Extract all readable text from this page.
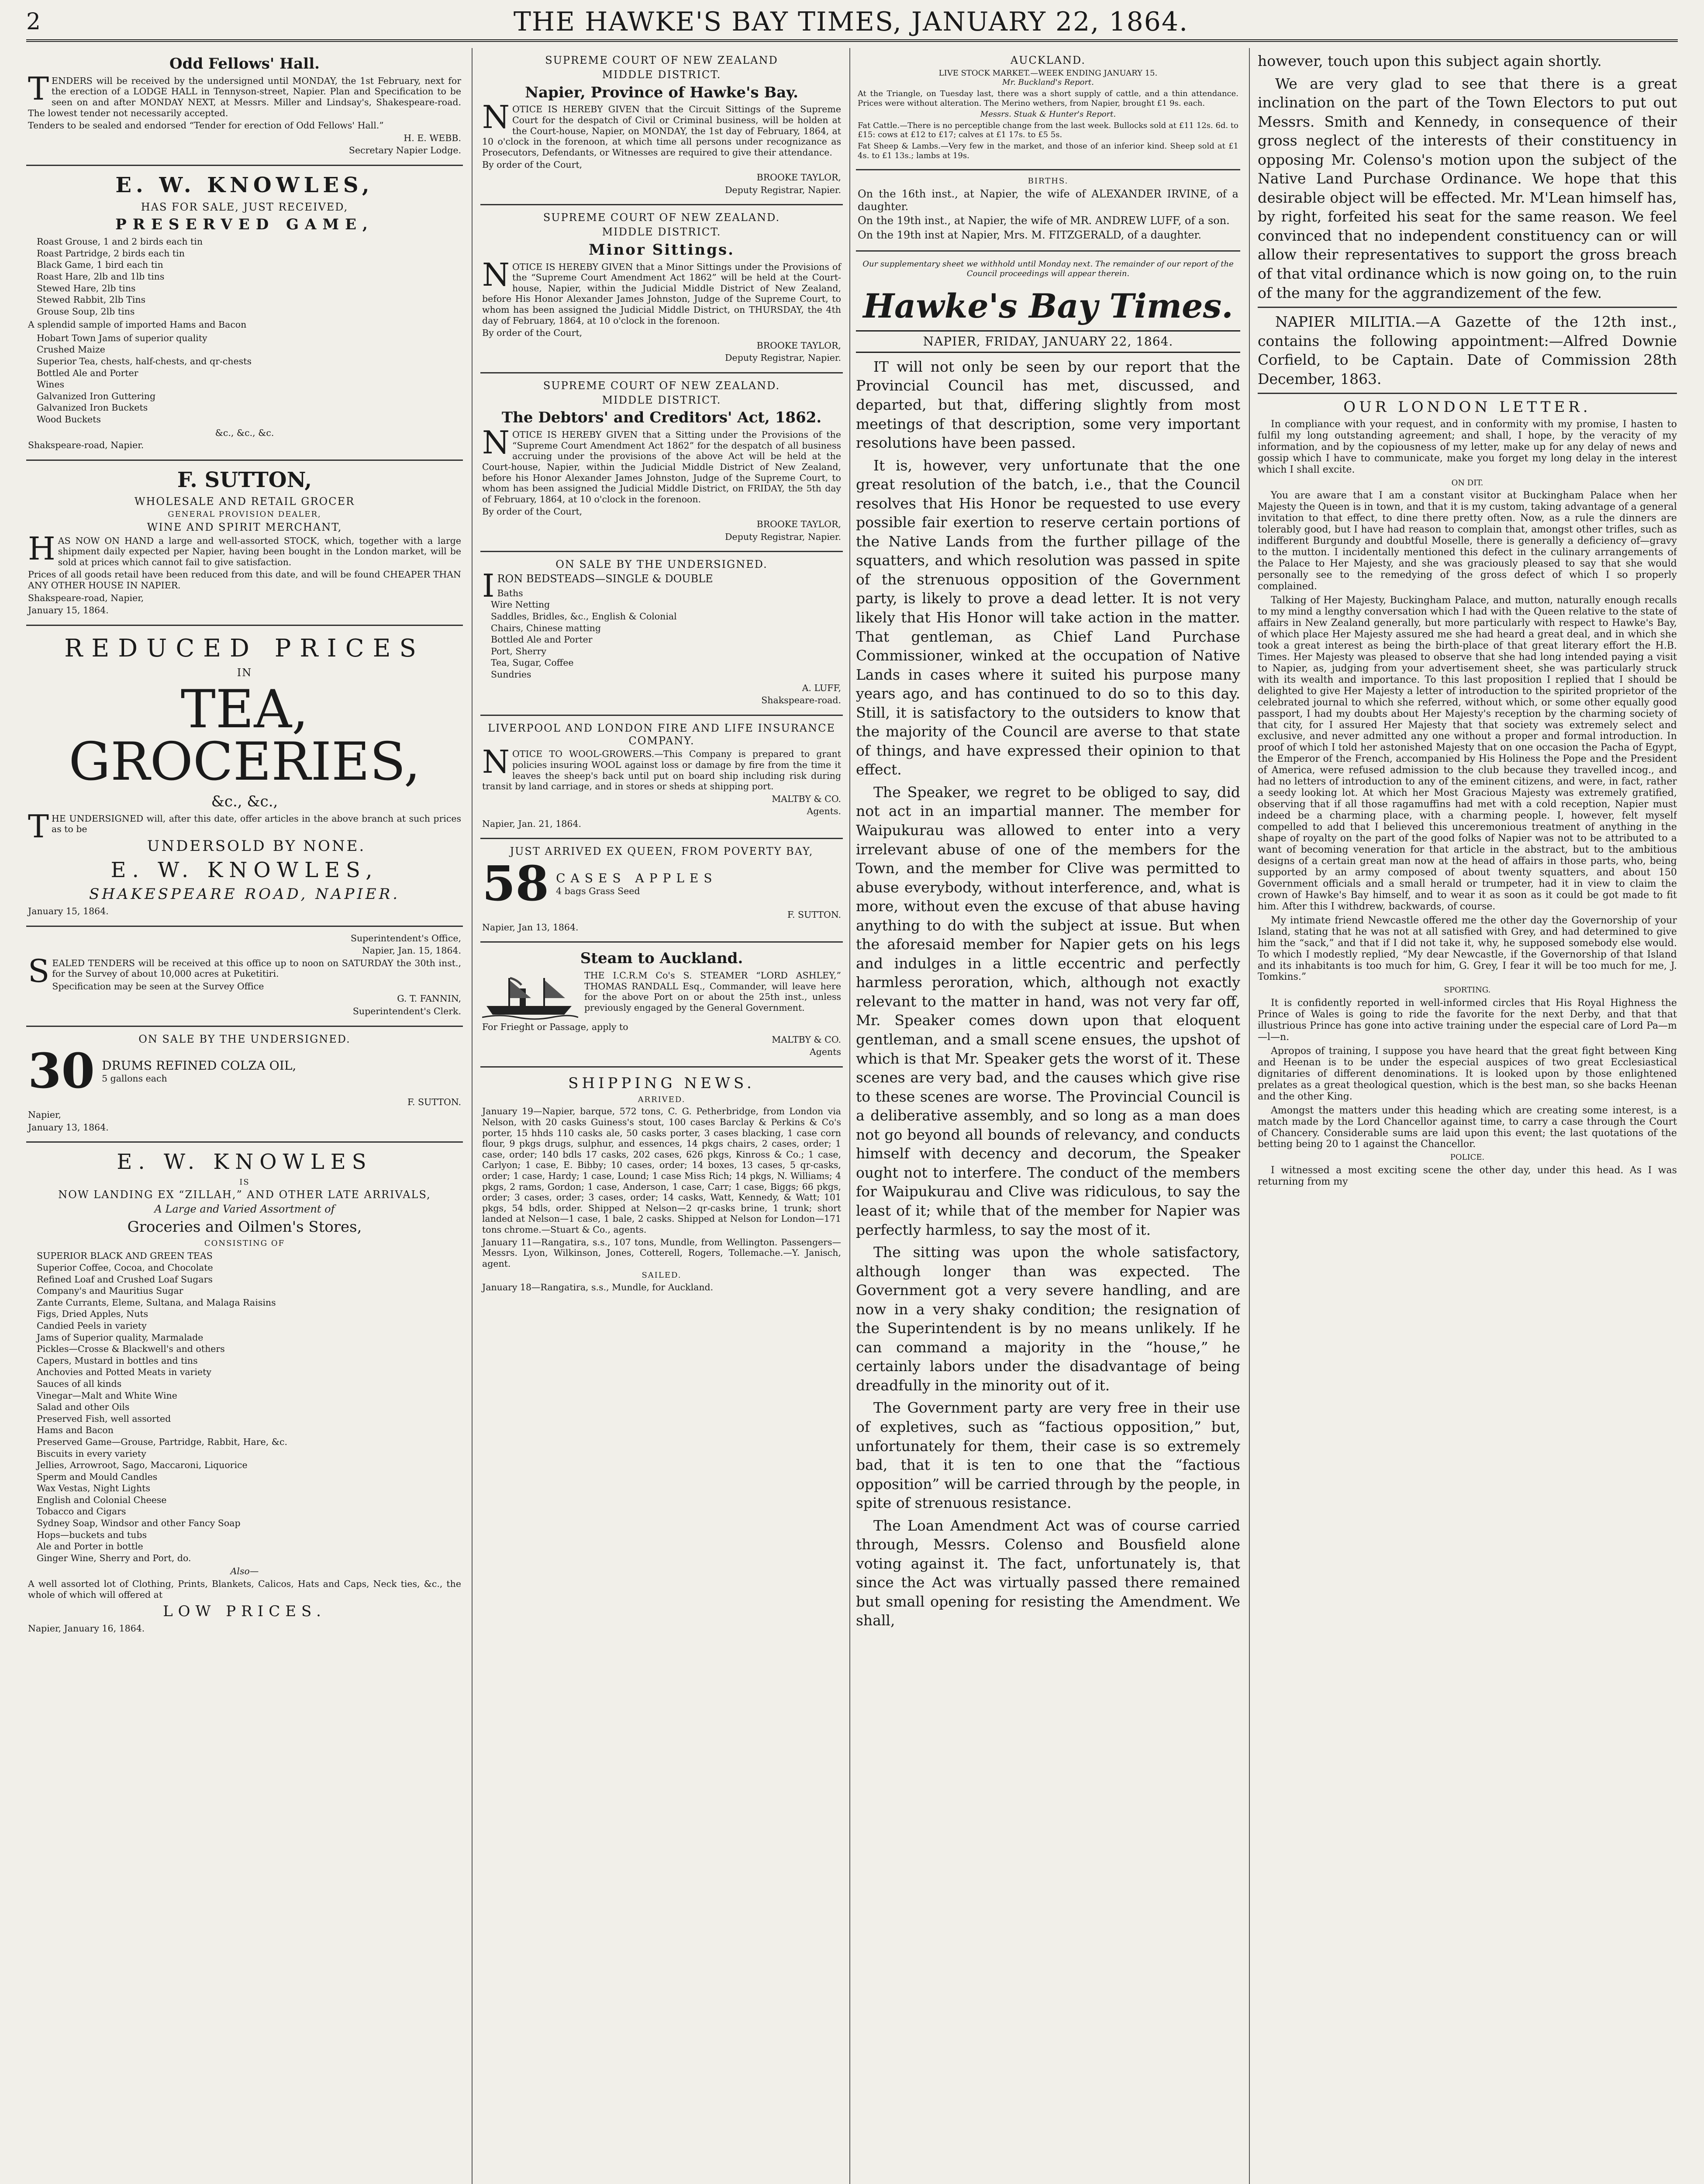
2	THE HAWKE'S BAY TIMES, JANUARY 22, 1864.
Odd Fellows' Hall.

TENDERS will be received by the undersigned until MONDAY, the 1st February, next for the erection of a LODGE HALL in Tennyson-street, Napier. Plan and Specification to be seen on and after MONDAY NEXT, at Messrs. Miller and Lindsay's, Shakespeare-road. The lowest tender not necessarily accepted.

Tenders to be sealed and endorsed “Tender for erection of Odd Fellows' Hall.”

H. E. WEBB.

Secretary Napier Lodge.

E. W. KNOWLES,
HAS FOR SALE, JUST RECEIVED,
PRESERVED GAME,
Roast Grouse, 1 and 2 birds each tin
Roast Partridge, 2 birds each tin
Black Game, 1 bird each tin
Roast Hare, 2lb and 1lb tins
Stewed Hare, 2lb tins
Stewed Rabbit, 2lb Tins
Grouse Soup, 2lb tins

A splendid sample of imported Hams and Bacon

Hobart Town Jams of superior quality
Crushed Maize
Superior Tea, chests, half-chests, and qr-chests
Bottled Ale and Porter
Wines
Galvanized Iron Guttering
Galvanized Iron Buckets
Wood Buckets

&c., &c., &c.

Shakspeare-road, Napier.

F. SUTTON,
WHOLESALE AND RETAIL GROCER
GENERAL PROVISION DEALER,
WINE AND SPIRIT MERCHANT,

HAS NOW ON HAND a large and well-assorted STOCK, which, together with a large shipment daily expected per Napier, having been bought in the London market, will be sold at prices which cannot fail to give satisfaction.

Prices of all goods retail have been reduced from this date, and will be found CHEAPER THAN ANY OTHER HOUSE IN NAPIER.

Shakspeare-road, Napier,

January 15, 1864.

REDUCED PRICES
IN
TEA, GROCERIES,
&c., &c.,

THE UNDERSIGNED will, after this date, offer articles in the above branch at such prices as to be

UNDERSOLD BY NONE.
E. W. KNOWLES,
SHAKESPEARE ROAD, NAPIER.

January 15, 1864.

Superintendent's Office,

Napier, Jan. 15, 1864.

SEALED TENDERS will be received at this office up to noon on SATURDAY the 30th inst., for the Survey of about 10,000 acres at Puketitiri.

Specification may be seen at the Survey Office

G. T. FANNIN,

Superintendent's Clerk.

ON SALE BY THE UNDERSIGNED.
30 DRUMS REFINED COLZA OIL,
5 gallons each

F. SUTTON.

Napier,

January 13, 1864.

E. W. KNOWLES
IS
NOW LANDING EX “ZILLAH,” AND OTHER LATE ARRIVALS,
A Large and Varied Assortment of
Groceries and Oilmen's Stores,
CONSISTING OF
SUPERIOR BLACK AND GREEN TEAS
Superior Coffee, Cocoa, and Chocolate
Refined Loaf and Crushed Loaf Sugars
Company's and Mauritius Sugar
Zante Currants, Eleme, Sultana, and Malaga Raisins
Figs, Dried Apples, Nuts
Candied Peels in variety
Jams of Superior quality, Marmalade
Pickles—Crosse & Blackwell's and others
Capers, Mustard in bottles and tins
Anchovies and Potted Meats in variety
Sauces of all kinds
Vinegar—Malt and White Wine
Salad and other Oils
Preserved Fish, well assorted
Hams and Bacon
Preserved Game—Grouse, Partridge, Rabbit, Hare, &c.
Biscuits in every variety
Jellies, Arrowroot, Sago, Maccaroni, Liquorice
Sperm and Mould Candles
Wax Vestas, Night Lights
English and Colonial Cheese
Tobacco and Cigars
Sydney Soap, Windsor and other Fancy Soap
Hops—buckets and tubs
Ale and Porter in bottle
Ginger Wine, Sherry and Port, do.

Also—

A well assorted lot of Clothing, Prints, Blankets, Calicos, Hats and Caps, Neck ties, &c., the whole of which will offered at

LOW PRICES.

Napier, January 16, 1864.

SUPREME COURT OF NEW ZEALAND
MIDDLE DISTRICT.
Napier, Province of Hawke's Bay.

NOTICE IS HEREBY GIVEN that the Circuit Sittings of the Supreme Court for the despatch of Civil or Criminal business, will be holden at the Court-house, Napier, on MONDAY, the 1st day of February, 1864, at 10 o'clock in the forenoon, at which time all persons under recognizance as Prosecutors, Defendants, or Witnesses are required to give their attendance.

By order of the Court,

BROOKE TAYLOR,

Deputy Registrar, Napier.

SUPREME COURT OF NEW ZEALAND.
MIDDLE DISTRICT.
Minor Sittings.

NOTICE IS HEREBY GIVEN that a Minor Sittings under the Provisions of the “Supreme Court Amendment Act 1862” will be held at the Court-house, Napier, within the Judicial Middle District of New Zealand, before His Honor Alexander James Johnston, Judge of the Supreme Court, to whom has been assigned the Judicial Middle District, on THURSDAY, the 4th day of February, 1864, at 10 o'clock in the forenoon.

By order of the Court,

BROOKE TAYLOR,

Deputy Registrar, Napier.

SUPREME COURT OF NEW ZEALAND.
MIDDLE DISTRICT.
The Debtors' and Creditors' Act, 1862.

NOTICE IS HEREBY GIVEN that a Sitting under the Provisions of the “Supreme Court Amendment Act 1862” for the despatch of all business accruing under the provisions of the above Act will be held at the Court-house, Napier, within the Judicial Middle District of New Zealand, before his Honor Alexander James Johnston, Judge of the Supreme Court, to whom has been assigned the Judicial Middle District, on FRIDAY, the 5th day of February, 1864, at 10 o'clock in the forenoon.

By order of the Court,

BROOKE TAYLOR,

Deputy Registrar, Napier.

ON SALE BY THE UNDERSIGNED.

IRON BEDSTEADS—SINGLE & DOUBLE

Baths
Wire Netting
Saddles, Bridles, &c., English & Colonial
Chairs, Chinese matting
Bottled Ale and Porter
Port, Sherry
Tea, Sugar, Coffee
Sundries

A. LUFF,

Shakspeare-road.

LIVERPOOL AND LONDON FIRE AND LIFE INSURANCE COMPANY.

NOTICE TO WOOL-GROWERS.—This Company is prepared to grant policies insuring WOOL against loss or damage by fire from the time it leaves the sheep's back until put on board ship including risk during transit by land carriage, and in stores or sheds at shipping port.

MALTBY & CO.

Agents.

Napier, Jan. 21, 1864.

JUST ARRIVED EX QUEEN, FROM POVERTY BAY,
58 CASES APPLES
4 bags Grass Seed

F. SUTTON.

Napier, Jan 13, 1864.

Steam to Auckland.

THE I.C.R.M Co's S. STEAMER “LORD ASHLEY,” THOMAS RANDALL Esq., Commander, will leave here for the above Port on or about the 25th inst., unless previously engaged by the General Government.

For Frieght or Passage, apply to

MALTBY & CO.

Agents

SHIPPING NEWS.
ARRIVED.

January 19—Napier, barque, 572 tons, C. G. Petherbridge, from London via Nelson, with 20 casks Guiness's stout, 100 cases Barclay & Perkins & Co's porter, 15 hhds 110 casks ale, 50 casks porter, 3 cases blacking, 1 case corn flour, 9 pkgs drugs, sulphur, and essences, 14 pkgs chairs, 2 cases, order; 1 case, order; 140 bdls 17 casks, 202 cases, 626 pkgs, Kinross & Co.; 1 case, Carlyon; 1 case, E. Bibby; 10 cases, order; 14 boxes, 13 cases, 5 qr-casks, order; 1 case, Hardy; 1 case, Lound; 1 case Miss Rich; 14 pkgs, N. Williams; 4 pkgs, 2 rams, Gordon; 1 case, Anderson, 1 case, Carr; 1 case, Biggs; 66 pkgs, order; 3 cases, order; 3 cases, order; 14 casks, Watt, Kennedy, & Watt; 101 pkgs, 54 bdls, order. Shipped at Nelson—2 qr-casks brine, 1 trunk; short landed at Nelson—1 case, 1 bale, 2 casks. Shipped at Nelson for London—171 tons chrome.—Stuart & Co., agents.

January 11—Rangatira, s.s., 107 tons, Mundle, from Wellington. Passengers—Messrs. Lyon, Wilkinson, Jones, Cotterell, Rogers, Tollemache.—Y. Janisch, agent.

SAILED.

January 18—Rangatira, s.s., Mundle, for Auckland.

AUCKLAND.
LIVE STOCK MARKET.—WEEK ENDING JANUARY 15.
Mr. Buckland's Report.

At the Triangle, on Tuesday last, there was a short supply of cattle, and a thin attendance. Prices were without alteration. The Merino wethers, from Napier, brought £1 9s. each.

Messrs. Stuak & Hunter's Report.

Fat Cattle.—There is no perceptible change from the last week. Bullocks sold at £11 12s. 6d. to £15: cows at £12 to £17; calves at £1 17s. to £5 5s.

Fat Sheep & Lambs.—Very few in the market, and those of an inferior kind. Sheep sold at £1 4s. to £1 13s.; lambs at 19s.

BIRTHS.

On the 16th inst., at Napier, the wife of ALEXANDER IRVINE, of a daughter.

On the 19th inst., at Napier, the wife of MR. ANDREW LUFF, of a son.

On the 19th inst at Napier, Mrs. M. FITZGERALD, of a daughter.

Our supplementary sheet we withhold until Monday next. The remainder of our report of the Council proceedings will appear therein.

Hawke's Bay Times.
NAPIER, FRIDAY, JANUARY 22, 1864.

IT will not only be seen by our report that the Provincial Council has met, discussed, and departed, but that, differing slightly from most meetings of that description, some very important resolutions have been passed.

It is, however, very unfortunate that the one great resolution of the batch, i.e., that the Council resolves that His Honor be requested to use every possible fair exertion to reserve certain portions of the Native Lands from the further pillage of the squatters, and which resolution was passed in spite of the strenuous opposition of the Government party, is likely to prove a dead letter. It is not very likely that His Honor will take action in the matter. That gentleman, as Chief Land Purchase Commissioner, winked at the occupation of Native Lands in cases where it suited his purpose many years ago, and has continued to do so to this day. Still, it is satisfactory to the outsiders to know that the majority of the Council are averse to that state of things, and have expressed their opinion to that effect.

The Speaker, we regret to be obliged to say, did not act in an impartial manner. The member for Waipukurau was allowed to enter into a very irrelevant abuse of one of the members for the Town, and the member for Clive was permitted to abuse everybody, without interference, and, what is more, without even the excuse of that abuse having anything to do with the subject at issue. But when the aforesaid member for Napier gets on his legs and indulges in a little eccentric and perfectly harmless peroration, which, although not exactly relevant to the matter in hand, was not very far off, Mr. Speaker comes down upon that eloquent gentleman, and a small scene ensues, the upshot of which is that Mr. Speaker gets the worst of it. These scenes are very bad, and the causes which give rise to these scenes are worse. The Provincial Council is a deliberative assembly, and so long as a man does not go beyond all bounds of relevancy, and conducts himself with decency and decorum, the Speaker ought not to interfere. The conduct of the members for Waipukurau and Clive was ridiculous, to say the least of it; while that of the member for Napier was perfectly harmless, to say the most of it.

The sitting was upon the whole satisfactory, although longer than was expected. The Government got a very severe handling, and are now in a very shaky condition; the resignation of the Superintendent is by no means unlikely. If he can command a majority in the “house,” he certainly labors under the disadvantage of being dreadfully in the minority out of it.

The Government party are very free in their use of expletives, such as “factious opposition,” but, unfortunately for them, their case is so extremely bad, that it is ten to one that the “factious opposition” will be carried through by the people, in spite of strenuous resistance.

The Loan Amendment Act was of course carried through, Messrs. Colenso and Bousfield alone voting against it. The fact, unfortunately is, that since the Act was virtually passed there remained but small opening for resisting the Amendment. We shall,

however, touch upon this subject again shortly.

We are very glad to see that there is a great inclination on the part of the Town Electors to put out Messrs. Smith and Kennedy, in consequence of their gross neglect of the interests of their constituency in opposing Mr. Colenso's motion upon the subject of the Native Land Purchase Ordinance. We hope that this desirable object will be effected. Mr. M'Lean himself has, by right, forfeited his seat for the same reason. We feel convinced that no independent constituency can or will allow their representatives to support the gross breach of that vital ordinance which is now going on, to the ruin of the many for the aggrandizement of the few.

NAPIER MILITIA.—A Gazette of the 12th inst., contains the following appointment:—Alfred Downie Corfield, to be Captain. Date of Commission 28th December, 1863.

OUR LONDON LETTER.

In compliance with your request, and in conformity with my promise, I hasten to fulfil my long outstanding agreement; and shall, I hope, by the veracity of my information, and by the copiousness of my letter, make up for any delay of news and gossip which I have to communicate, make you forget my long delay in the interest which I shall excite.

ON DIT.

You are aware that I am a constant visitor at Buckingham Palace when her Majesty the Queen is in town, and that it is my custom, taking advantage of a general invitation to that effect, to dine there pretty often. Now, as a rule the dinners are tolerably good, but I have had reason to complain that, amongst other trifles, such as indifferent Burgundy and doubtful Moselle, there is generally a deficiency of—gravy to the mutton. I incidentally mentioned this defect in the culinary arrangements of the Palace to Her Majesty, and she was graciously pleased to say that she would personally see to the remedying of the gross defect of which I so properly complained.

Talking of Her Majesty, Buckingham Palace, and mutton, naturally enough recalls to my mind a lengthy conversation which I had with the Queen relative to the state of affairs in New Zealand generally, but more particularly with respect to Hawke's Bay, of which place Her Majesty assured me she had heard a great deal, and in which she took a great interest as being the birth-place of that great literary effort the H.B. Times. Her Majesty was pleased to observe that she had long intended paying a visit to Napier, as, judging from your advertisement sheet, she was particularly struck with its wealth and importance. To this last proposition I replied that I should be delighted to give Her Majesty a letter of introduction to the spirited proprietor of the celebrated journal to which she referred, without which, or some other equally good passport, I had my doubts about Her Majesty's reception by the charming society of that city, for I assured Her Majesty that that society was extremely select and exclusive, and never admitted any one without a proper and formal introduction. In proof of which I told her astonished Majesty that on one occasion the Pacha of Egypt, the Emperor of the French, accompanied by His Holiness the Pope and the President of America, were refused admission to the club because they travelled incog., and had no letters of introduction to any of the eminent citizens, and were, in fact, rather a seedy looking lot. At which her Most Gracious Majesty was extremely gratified, observing that if all those ragamuffins had met with a cold reception, Napier must indeed be a charming place, with a charming people. I, however, felt myself compelled to add that I believed this unceremonious treatment of anything in the shape of royalty on the part of the good folks of Napier was not to be attributed to a want of becoming veneration for that article in the abstract, but to the ambitious designs of a certain great man now at the head of affairs in those parts, who, being supported by an army composed of about twenty squatters, and about 150 Government officials and a small herald or trumpeter, had it in view to claim the crown of Hawke's Bay himself, and to wear it as soon as it could be got made to fit him. After this I withdrew, backwards, of course.

My intimate friend Newcastle offered me the other day the Governorship of your Island, stating that he was not at all satisfied with Grey, and had determined to give him the “sack,” and that if I did not take it, why, he supposed somebody else would. To which I modestly replied, “My dear Newcastle, if the Governorship of that Island and its inhabitants is too much for him, G. Grey, I fear it will be too much for me, J. Tomkins.”

SPORTING.

It is confidently reported in well-informed circles that His Royal Highness the Prince of Wales is going to ride the favorite for the next Derby, and that that illustrious Prince has gone into active training under the especial care of Lord Pa—m—l—n.

Apropos of training, I suppose you have heard that the great fight between King and Heenan is to be under the especial auspices of two great Ecclesiastical dignitaries of different denominations. It is looked upon by those enlightened prelates as a great theological question, which is the best man, so she backs Heenan and the other King.

Amongst the matters under this heading which are creating some interest, is a match made by the Lord Chancellor against time, to carry a case through the Court of Chancery. Considerable sums are laid upon this event; the last quotations of the betting being 20 to 1 against the Chancellor.

POLICE.

I witnessed a most exciting scene the other day, under this head. As I was returning from my
